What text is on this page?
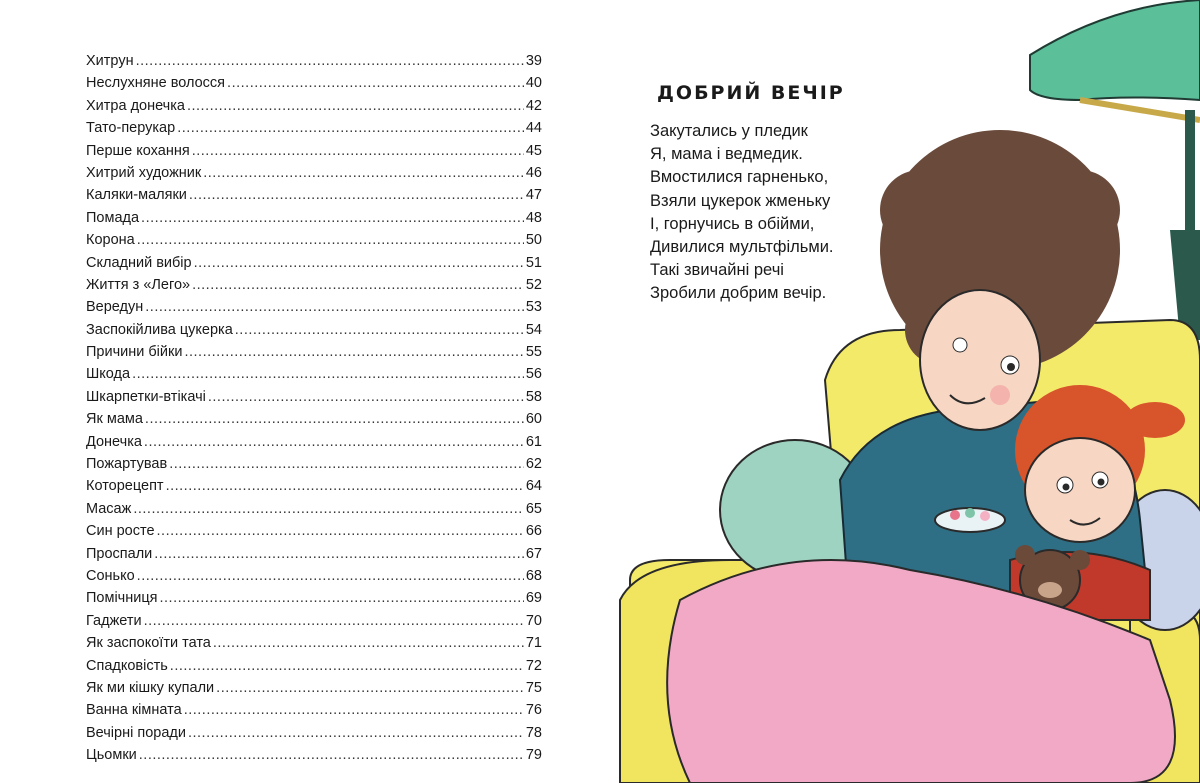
Хитрун .....	39
Неслухняне волосся .....	40
Хитра донечка .....	42
Тато-перукар .....	44
Перше кохання .....	45
Хитрий художник .....	46
Каляки-маляки .....	47
Помада .....	48
Корона .....	50
Складний вибір .....	51
Життя з «Лего» .....	52
Вередун .....	53
Заспокійлива цукерка .....	54
Причини бійки .....	55
Шкода .....	56
Шкарпетки-втікачі .....	58
Як мама .....	60
Донечка .....	61
Пожартував .....	62
Которецепт .....	64
Масаж .....	65
Син росте .....	66
Проспали .....	67
Сонько .....	68
Помічниця .....	69
Гаджети .....	70
Як заспокоїти тата .....	71
Спадковість .....	72
Як ми кішку купали .....	75
Ванна кімната .....	76
Вечірні поради .....	78
Цьомки .....	79
ДОБРИЙ ВЕЧІР
Закутались у пледик
Я, мама і ведмедик.
Вмостилися гарненько,
Взяли цукерок жменьку
І, горнучись в обійми,
Дивилися мультфільми.
Такі звичайні речі
Зробили добрим вечір.
